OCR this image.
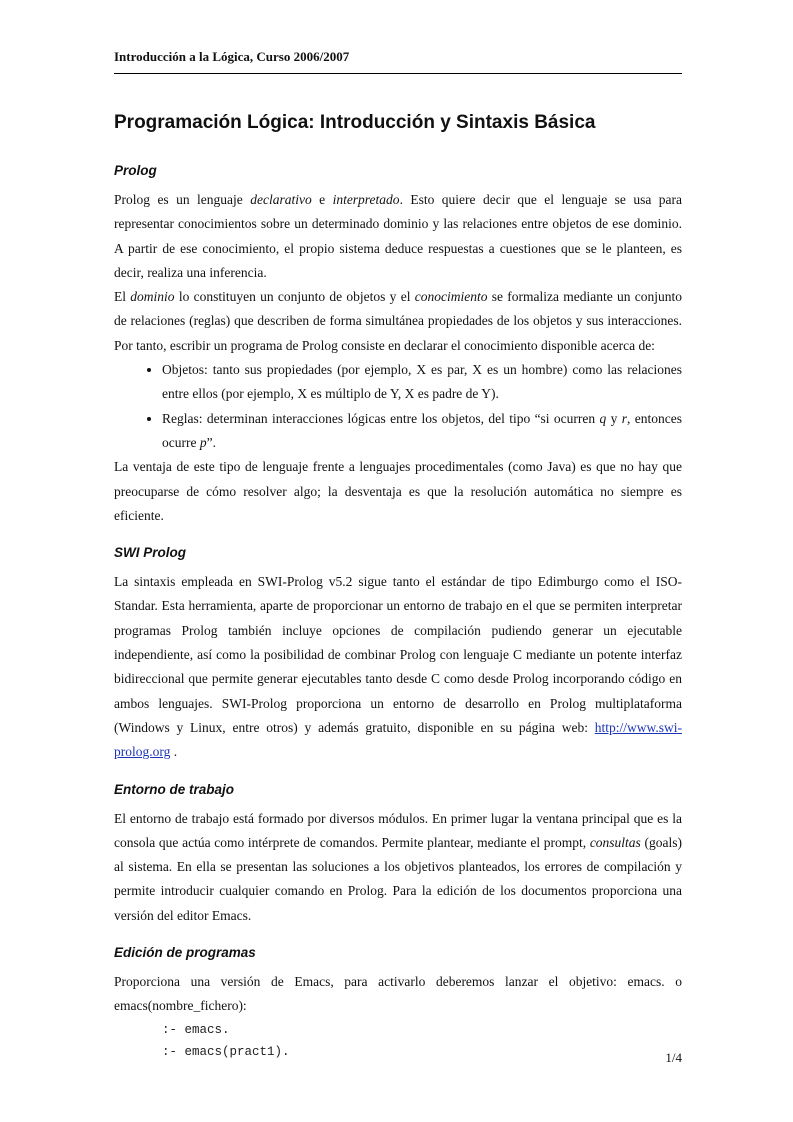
Introducción a la Lógica, Curso 2006/2007
Programación Lógica: Introducción y Sintaxis Básica
Prolog

Prolog es un lenguaje declarativo e interpretado. Esto quiere decir que el lenguaje se usa para representar conocimientos sobre un determinado dominio y las relaciones entre objetos de ese dominio. A partir de ese conocimiento, el propio sistema deduce respuestas a cuestiones que se le planteen, es decir, realiza una inferencia.

El dominio lo constituyen un conjunto de objetos y el conocimiento se formaliza mediante un conjunto de relaciones (reglas) que describen de forma simultánea propiedades de los objetos y sus interacciones. Por tanto, escribir un programa de Prolog consiste en declarar el conocimiento disponible acerca de:

• Objetos: tanto sus propiedades (por ejemplo, X es par, X es un hombre) como las relaciones entre ellos (por ejemplo, X es múltiplo de Y, X es padre de Y).
• Reglas: determinan interacciones lógicas entre los objetos, del tipo “si ocurren q y r, entonces ocurre p”.

La ventaja de este tipo de lenguaje frente a lenguajes procedimentales (como Java) es que no hay que preocuparse de cómo resolver algo; la desventaja es que la resolución automática no siempre es eficiente.

SWI Prolog

La sintaxis empleada en SWI-Prolog v5.2 sigue tanto el estándar de tipo Edimburgo como el ISO-Standar. Esta herramienta, aparte de proporcionar un entorno de trabajo en el que se permiten interpretar programas Prolog también incluye opciones de compilación pudiendo generar un ejecutable independiente, así como la posibilidad de combinar Prolog con lenguaje C mediante un potente interfaz bidireccional que permite generar ejecutables tanto desde C como desde Prolog incorporando código en ambos lenguajes. SWI-Prolog proporciona un entorno de desarrollo en Prolog multiplataforma (Windows y Linux, entre otros) y además gratuito, disponible en su página web: http://www.swi-prolog.org .

Entorno de trabajo

El entorno de trabajo está formado por diversos módulos. En primer lugar la ventana principal que es la consola que actúa como intérprete de comandos. Permite plantear, mediante el prompt, consultas (goals) al sistema. En ella se presentan las soluciones a los objetivos planteados, los errores de compilación y permite introducir cualquier comando en Prolog. Para la edición de los documentos proporciona una versión del editor Emacs.

Edición de programas

Proporciona una versión de Emacs, para activarlo deberemos lanzar el objetivo: emacs. o emacs(nombre_fichero):

:- emacs.
:- emacs(pract1).	1/4
